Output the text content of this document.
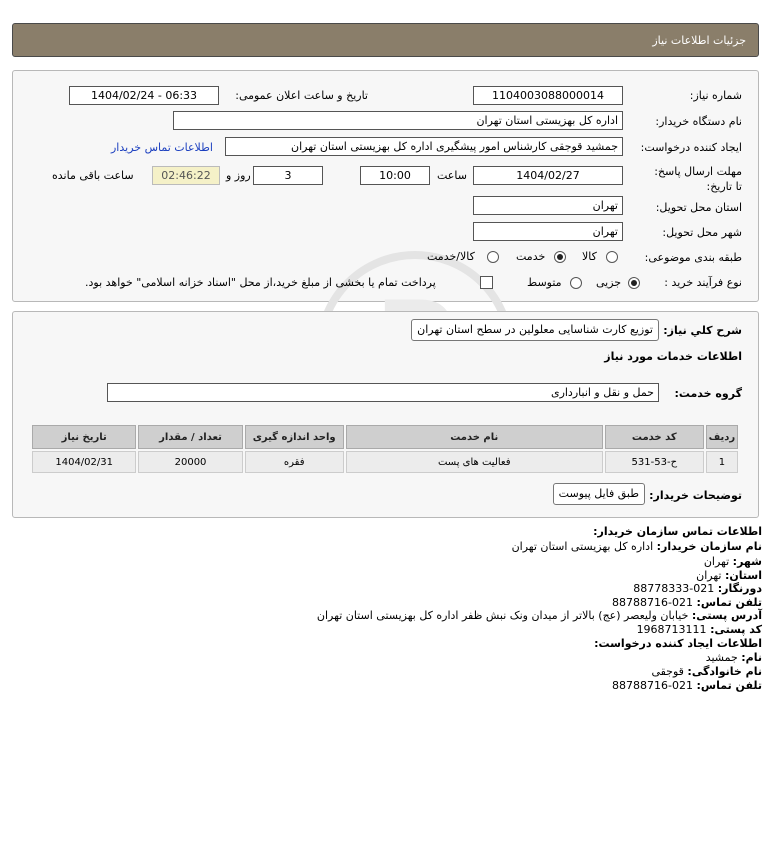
جزئیات اطلاعات نیاز
شماره نیاز:
1104003088000014
تاریخ و ساعت اعلان عمومی:
1404/02/24 - 06:33
نام دستگاه خریدار:
اداره کل بهزیستی استان تهران
ایجاد کننده درخواست:
جمشید قوجقی کارشناس امور پیشگیری اداره کل بهزیستی استان تهران
اطلاعات تماس خریدار
مهلت ارسال پاسخ: تا تاریخ:
1404/02/27
ساعت
10:00
3
روز و
02:46:22
ساعت باقی مانده
استان محل تحویل:
تهران
شهر محل تحویل:
تهران
طبقه بندی موضوعی:
کالا
خدمت
کالا/خدمت
نوع فرآیند خرید :
جزیی
متوسط
پرداخت تمام یا بخشی از مبلغ خرید،از محل "اسناد خزانه اسلامی" خواهد بود.
شرح کلي نياز:
توزیع کارت شناسایی معلولین در سطح استان تهران
اطلاعات خدمات مورد نیاز
گروه خدمت:
حمل و نقل و انبارداری
ردیف	کد خدمت	نام خدمت	واحد اندازه گیری	تعداد / مقدار	تاریخ نیاز
1	ح-53-531	فعالیت های پست	فقره	20000	1404/02/31
توضیحات خریدار:
طبق فایل پیوست
اطلاعات تماس سازمان خریدار:
نام سازمان خریدار: اداره کل بهزیستی استان تهران
شهر: تهران
استان: تهران
دورنگار: 021-88778333
تلفن تماس: 021-88788716
آدرس پستی: خیابان ولیعصر (عج) بالاتر از میدان ونک نبش ظفر اداره کل بهزیستی استان تهران
کد پستی: 1968713111
اطلاعات ایجاد کننده درخواست:
نام: جمشید
نام خانوادگی: قوجقی
تلفن تماس: 021-88788716
